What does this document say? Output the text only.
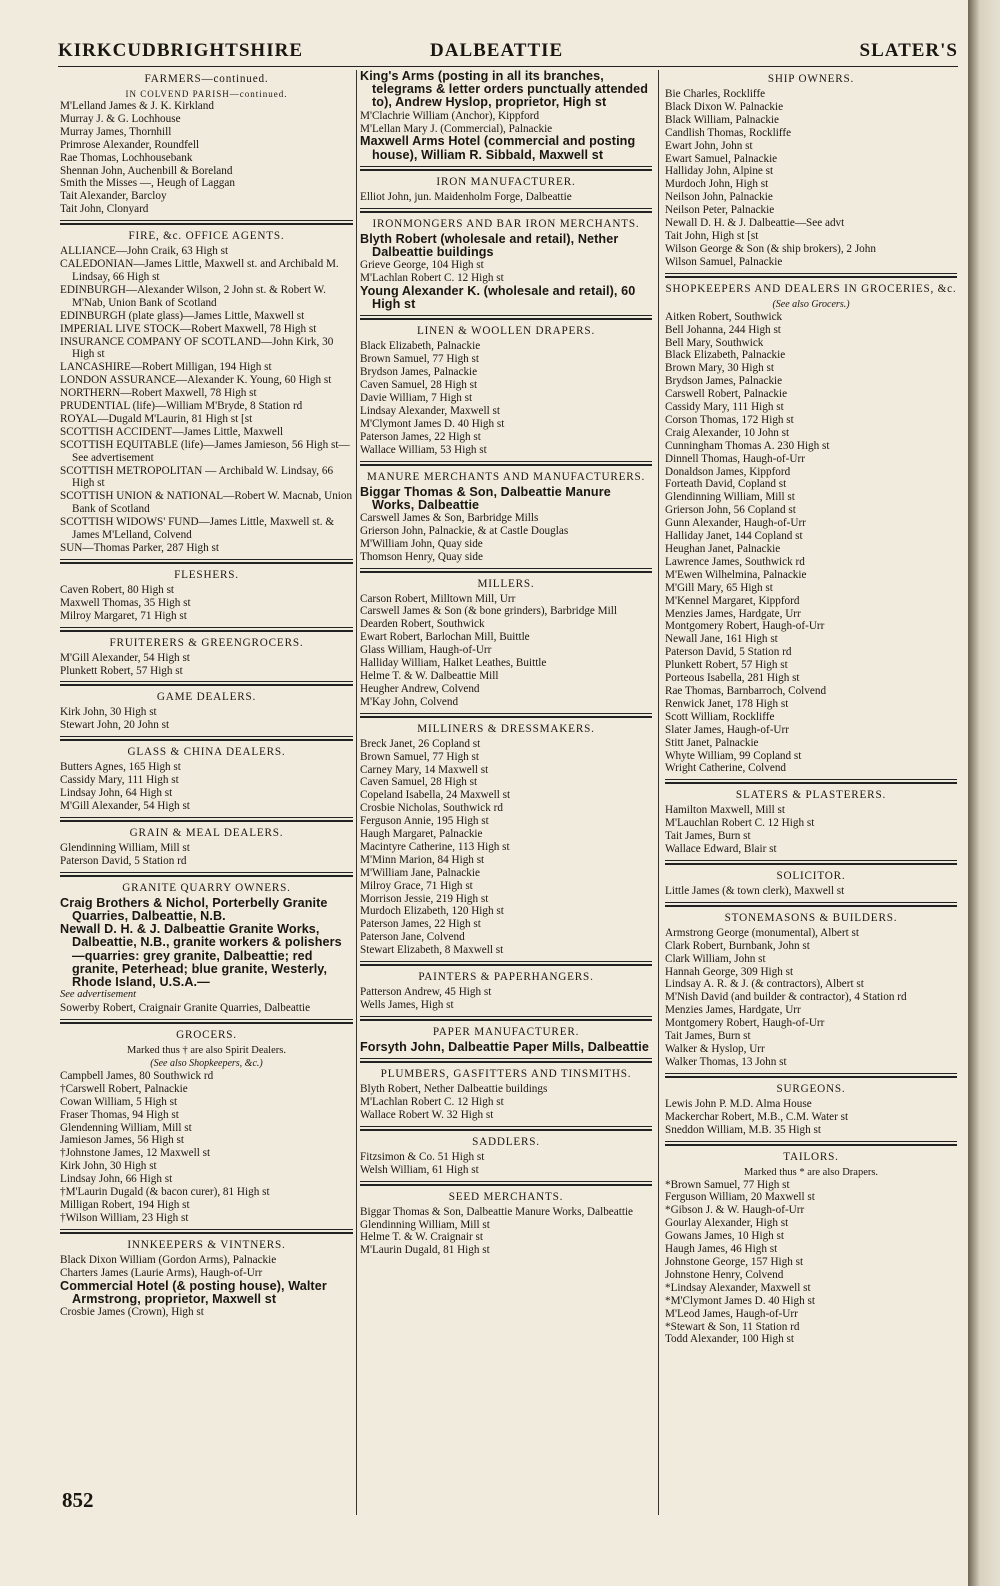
KIRKCUDBRIGHTSHIRE	DALBEATTIE	SLATER'S
FARMERS—continued.
IN COLVEND PARISH—continued.
M'Lelland James & J. K. Kirkland
Murray J. & G. Lochhouse
Murray James, Thornhill
Primrose Alexander, Roundfell
Rae Thomas, Lochhousebank
Shennan John, Auchenbill & Boreland
Smith the Misses —, Heugh of Laggan
Tait Alexander, Barcloy
Tait John, Clonyard
FIRE, &c. OFFICE AGENTS.
ALLIANCE—John Craik, 63 High st
CALEDONIAN—James Little, Maxwell st. and Archibald M. Lindsay, 66 High st
EDINBURGH—Alexander Wilson, 2 John st. & Robert W. M'Nab, Union Bank of Scotland
EDINBURGH (plate glass)—James Little, Maxwell st
IMPERIAL LIVE STOCK—Robert Maxwell, 78 High st
INSURANCE COMPANY OF SCOTLAND—John Kirk, 30 High st
LANCASHIRE—Robert Milligan, 194 High st
LONDON ASSURANCE—Alexander K. Young, 60 High st
NORTHERN—Robert Maxwell, 78 High st
PRUDENTIAL (life)—William M'Bryde, 8 Station rd
ROYAL—Dugald M'Laurin, 81 High st [st
SCOTTISH ACCIDENT—James Little, Maxwell
SCOTTISH EQUITABLE (life)—James Jamieson, 56 High st—See advertisement
SCOTTISH METROPOLITAN — Archibald W. Lindsay, 66 High st
SCOTTISH UNION & NATIONAL—Robert W. Macnab, Union Bank of Scotland
SCOTTISH WIDOWS' FUND—James Little, Maxwell st. & James M'Lelland, Colvend
SUN—Thomas Parker, 287 High st
FLESHERS.
Caven Robert, 80 High st
Maxwell Thomas, 35 High st
Milroy Margaret, 71 High st
FRUITERERS & GREENGROCERS.
M'Gill Alexander, 54 High st
Plunkett Robert, 57 High st
GAME DEALERS.
Kirk John, 30 High st
Stewart John, 20 John st
GLASS & CHINA DEALERS.
Butters Agnes, 165 High st
Cassidy Mary, 111 High st
Lindsay John, 64 High st
M'Gill Alexander, 54 High st
GRAIN & MEAL DEALERS.
Glendinning William, Mill st
Paterson David, 5 Station rd
GRANITE QUARRY OWNERS.
Craig Brothers & Nichol, Porterbelly Granite Quarries, Dalbeattie, N.B.
Newall D. H. & J. Dalbeattie Granite Works, Dalbeattie, N.B., granite workers & polishers—quarries: grey granite, Dalbeattie; red granite, Peterhead; blue granite, Westerly, Rhode Island, U.S.A.—
See advertisement
Sowerby Robert, Craignair Granite Quarries, Dalbeattie
GROCERS.
Marked thus † are also Spirit Dealers.
(See also Shopkeepers, &c.)
Campbell James, 80 Southwick rd
†Carswell Robert, Palnackie
Cowan William, 5 High st
Fraser Thomas, 94 High st
Glendenning William, Mill st
Jamieson James, 56 High st
†Johnstone James, 12 Maxwell st
Kirk John, 30 High st
Lindsay John, 66 High st
†M'Laurin Dugald (& bacon curer), 81 High st
Milligan Robert, 194 High st
†Wilson William, 23 High st
INNKEEPERS & VINTNERS.
Black Dixon William (Gordon Arms), Palnackie
Charters James (Laurie Arms), Haugh-of-Urr
Commercial Hotel (& posting house), Walter Armstrong, proprietor, Maxwell st
Crosbie James (Crown), High st
King's Arms (posting in all its branches, telegrams & letter orders punctually attended to), Andrew Hyslop, proprietor, High st
M'Clachrie William (Anchor), Kippford
M'Lellan Mary J. (Commercial), Palnackie
Maxwell Arms Hotel (commercial and posting house), William R. Sibbald, Maxwell st
IRON MANUFACTURER.
Elliot John, jun. Maidenholm Forge, Dalbeattie
IRONMONGERS AND BAR IRON MERCHANTS.
Blyth Robert (wholesale and retail), Nether Dalbeattie buildings
Grieve George, 104 High st
M'Lachlan Robert C. 12 High st
Young Alexander K. (wholesale and retail), 60 High st
LINEN & WOOLLEN DRAPERS.
Black Elizabeth, Palnackie
Brown Samuel, 77 High st
Brydson James, Palnackie
Caven Samuel, 28 High st
Davie William, 7 High st
Lindsay Alexander, Maxwell st
M'Clymont James D. 40 High st
Paterson James, 22 High st
Wallace William, 53 High st
MANURE MERCHANTS AND MANUFACTURERS.
Biggar Thomas & Son, Dalbeattie Manure Works, Dalbeattie
Carswell James & Son, Barbridge Mills
Grierson John, Palnackie, & at Castle Douglas
M'William John, Quay side
Thomson Henry, Quay side
MILLERS.
Carson Robert, Milltown Mill, Urr
Carswell James & Son (& bone grinders), Barbridge Mill
Dearden Robert, Southwick
Ewart Robert, Barlochan Mill, Buittle
Glass William, Haugh-of-Urr
Halliday William, Halket Leathes, Buittle
Helme T. & W. Dalbeattie Mill
Heugher Andrew, Colvend
M'Kay John, Colvend
MILLINERS & DRESSMAKERS.
Breck Janet, 26 Copland st
Brown Samuel, 77 High st
Carney Mary, 14 Maxwell st
Caven Samuel, 28 High st
Copeland Isabella, 24 Maxwell st
Crosbie Nicholas, Southwick rd
Ferguson Annie, 195 High st
Haugh Margaret, Palnackie
Macintyre Catherine, 113 High st
M'Minn Marion, 84 High st
M'William Jane, Palnackie
Milroy Grace, 71 High st
Morrison Jessie, 219 High st
Murdoch Elizabeth, 120 High st
Paterson James, 22 High st
Paterson Jane, Colvend
Stewart Elizabeth, 8 Maxwell st
PAINTERS & PAPERHANGERS.
Patterson Andrew, 45 High st
Wells James, High st
PAPER MANUFACTURER.
Forsyth John, Dalbeattie Paper Mills, Dalbeattie
PLUMBERS, GASFITTERS AND TINSMITHS.
Blyth Robert, Nether Dalbeattie buildings
M'Lachlan Robert C. 12 High st
Wallace Robert W. 32 High st
SADDLERS.
Fitzsimon & Co. 51 High st
Welsh William, 61 High st
SEED MERCHANTS.
Biggar Thomas & Son, Dalbeattie Manure Works, Dalbeattie
Glendinning William, Mill st
Helme T. & W. Craignair st
M'Laurin Dugald, 81 High st
SHIP OWNERS.
Bie Charles, Rockliffe
Black Dixon W. Palnackie
Black William, Palnackie
Candlish Thomas, Rockliffe
Ewart John, John st
Ewart Samuel, Palnackie
Halliday John, Alpine st
Murdoch John, High st
Neilson John, Palnackie
Neilson Peter, Palnackie
Newall D. H. & J. Dalbeattie—See advt
Tait John, High st [st
Wilson George & Son (& ship brokers), 2 John
Wilson Samuel, Palnackie
SHOPKEEPERS AND DEALERS IN GROCERIES, &c.
(See also Grocers.)
Aitken Robert, Southwick
Bell Johanna, 244 High st
Bell Mary, Southwick
Black Elizabeth, Palnackie
Brown Mary, 30 High st
Brydson James, Palnackie
Carswell Robert, Palnackie
Cassidy Mary, 111 High st
Corson Thomas, 172 High st
Craig Alexander, 10 John st
Cunningham Thomas A. 230 High st
Dinnell Thomas, Haugh-of-Urr
Donaldson James, Kippford
Forteath David, Copland st
Glendinning William, Mill st
Grierson John, 56 Copland st
Gunn Alexander, Haugh-of-Urr
Halliday Janet, 144 Copland st
Heughan Janet, Palnackie
Lawrence James, Southwick rd
M'Ewen Wilhelmina, Palnackie
M'Gill Mary, 65 High st
M'Kennel Margaret, Kippford
Menzies James, Hardgate, Urr
Montgomery Robert, Haugh-of-Urr
Newall Jane, 161 High st
Paterson David, 5 Station rd
Plunkett Robert, 57 High st
Porteous Isabella, 281 High st
Rae Thomas, Barnbarroch, Colvend
Renwick Janet, 178 High st
Scott William, Rockliffe
Slater James, Haugh-of-Urr
Stitt Janet, Palnackie
Whyte William, 99 Copland st
Wright Catherine, Colvend
SLATERS & PLASTERERS.
Hamilton Maxwell, Mill st
M'Lauchlan Robert C. 12 High st
Tait James, Burn st
Wallace Edward, Blair st
SOLICITOR.
Little James (& town clerk), Maxwell st
STONEMASONS & BUILDERS.
Armstrong George (monumental), Albert st
Clark Robert, Burnbank, John st
Clark William, John st
Hannah George, 309 High st
Lindsay A. R. & J. (& contractors), Albert st
M'Nish David (and builder & contractor), 4 Station rd
Menzies James, Hardgate, Urr
Montgomery Robert, Haugh-of-Urr
Tait James, Burn st
Walker & Hyslop, Urr
Walker Thomas, 13 John st
SURGEONS.
Lewis John P. M.D. Alma House
Mackerchar Robert, M.B., C.M. Water st
Sneddon William, M.B. 35 High st
TAILORS.
Marked thus * are also Drapers.
*Brown Samuel, 77 High st
Ferguson William, 20 Maxwell st
*Gibson J. & W. Haugh-of-Urr
Gourlay Alexander, High st
Gowans James, 10 High st
Haugh James, 46 High st
Johnstone George, 157 High st
Johnstone Henry, Colvend
*Lindsay Alexander, Maxwell st
*M'Clymont James D. 40 High st
M'Leod James, Haugh-of-Urr
*Stewart & Son, 11 Station rd
Todd Alexander, 100 High st
852
